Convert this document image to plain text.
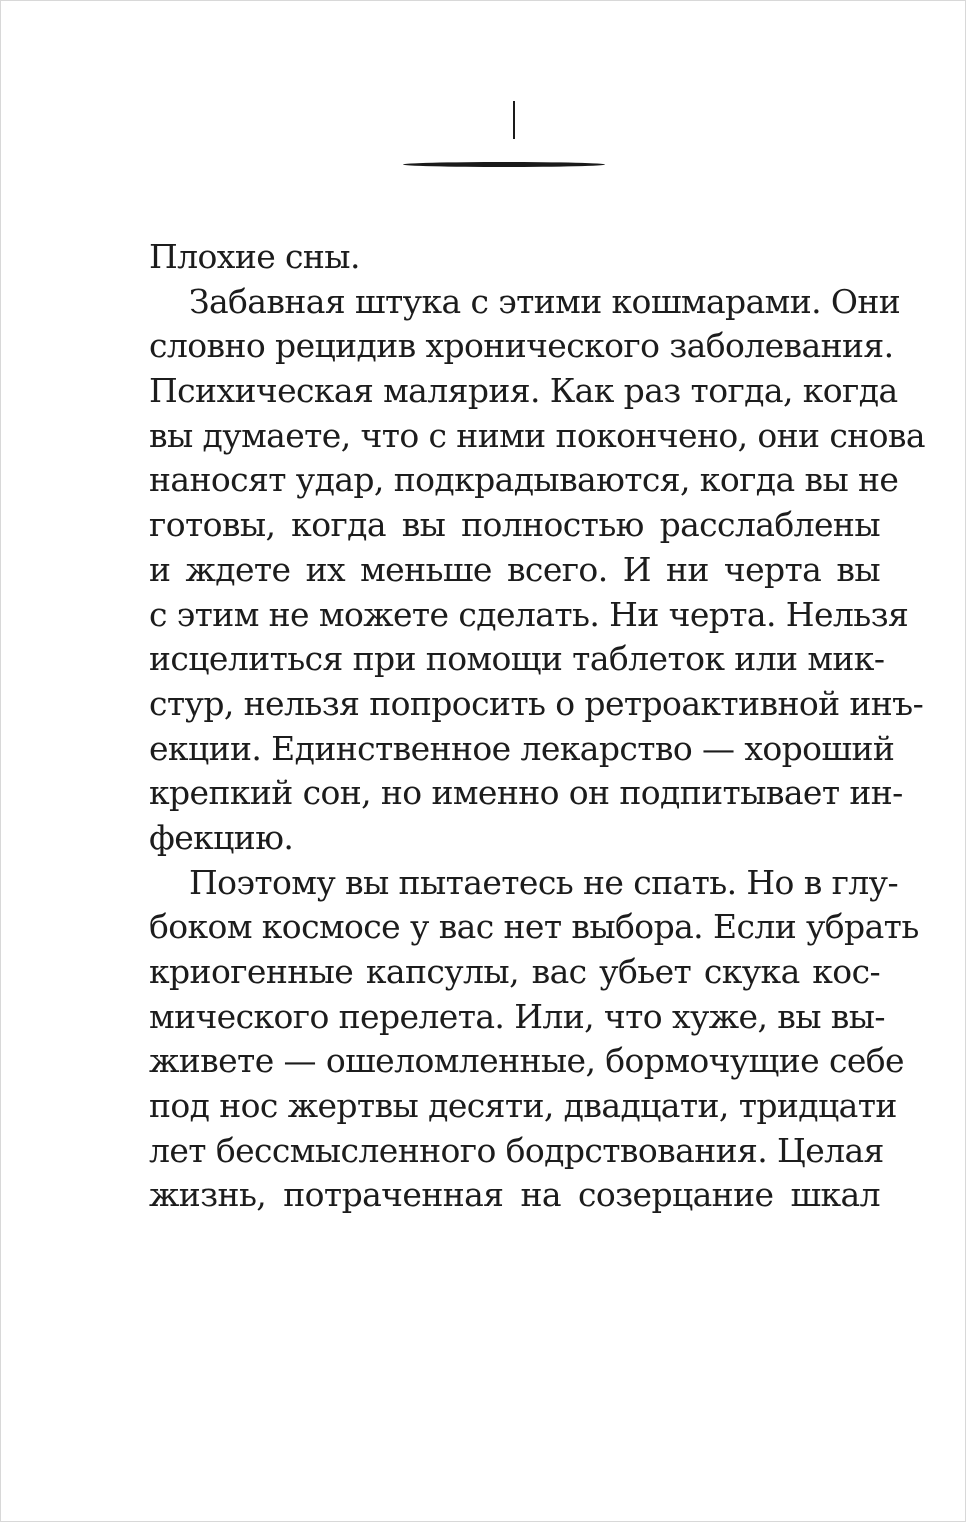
Плохие сны.
Забавная штука с этими кошмарами. Они
словно рецидив хронического заболевания.
Психическая малярия. Как раз тогда, когда
вы думаете, что с ними покончено, они снова
наносят удар, подкрадываются, когда вы не
готовы, когда вы полностью расслаблены
и ждете их меньше всего. И ни черта вы
с этим не можете сделать. Ни черта. Нельзя
исцелиться при помощи таблеток или мик-
стур, нельзя попросить о ретроактивной инъ-
екции. Единственное лекарство — хороший
крепкий сон, но именно он подпитывает ин-
фекцию.
Поэтому вы пытаетесь не спать. Но в глу-
боком космосе у вас нет выбора. Если убрать
криогенные капсулы, вас убьет скука кос-
мического перелета. Или, что хуже, вы вы-
живете — ошеломленные, бормочущие себе
под нос жертвы десяти, двадцати, тридцати
лет бессмысленного бодрствования. Целая
жизнь, потраченная на созерцание шкал
